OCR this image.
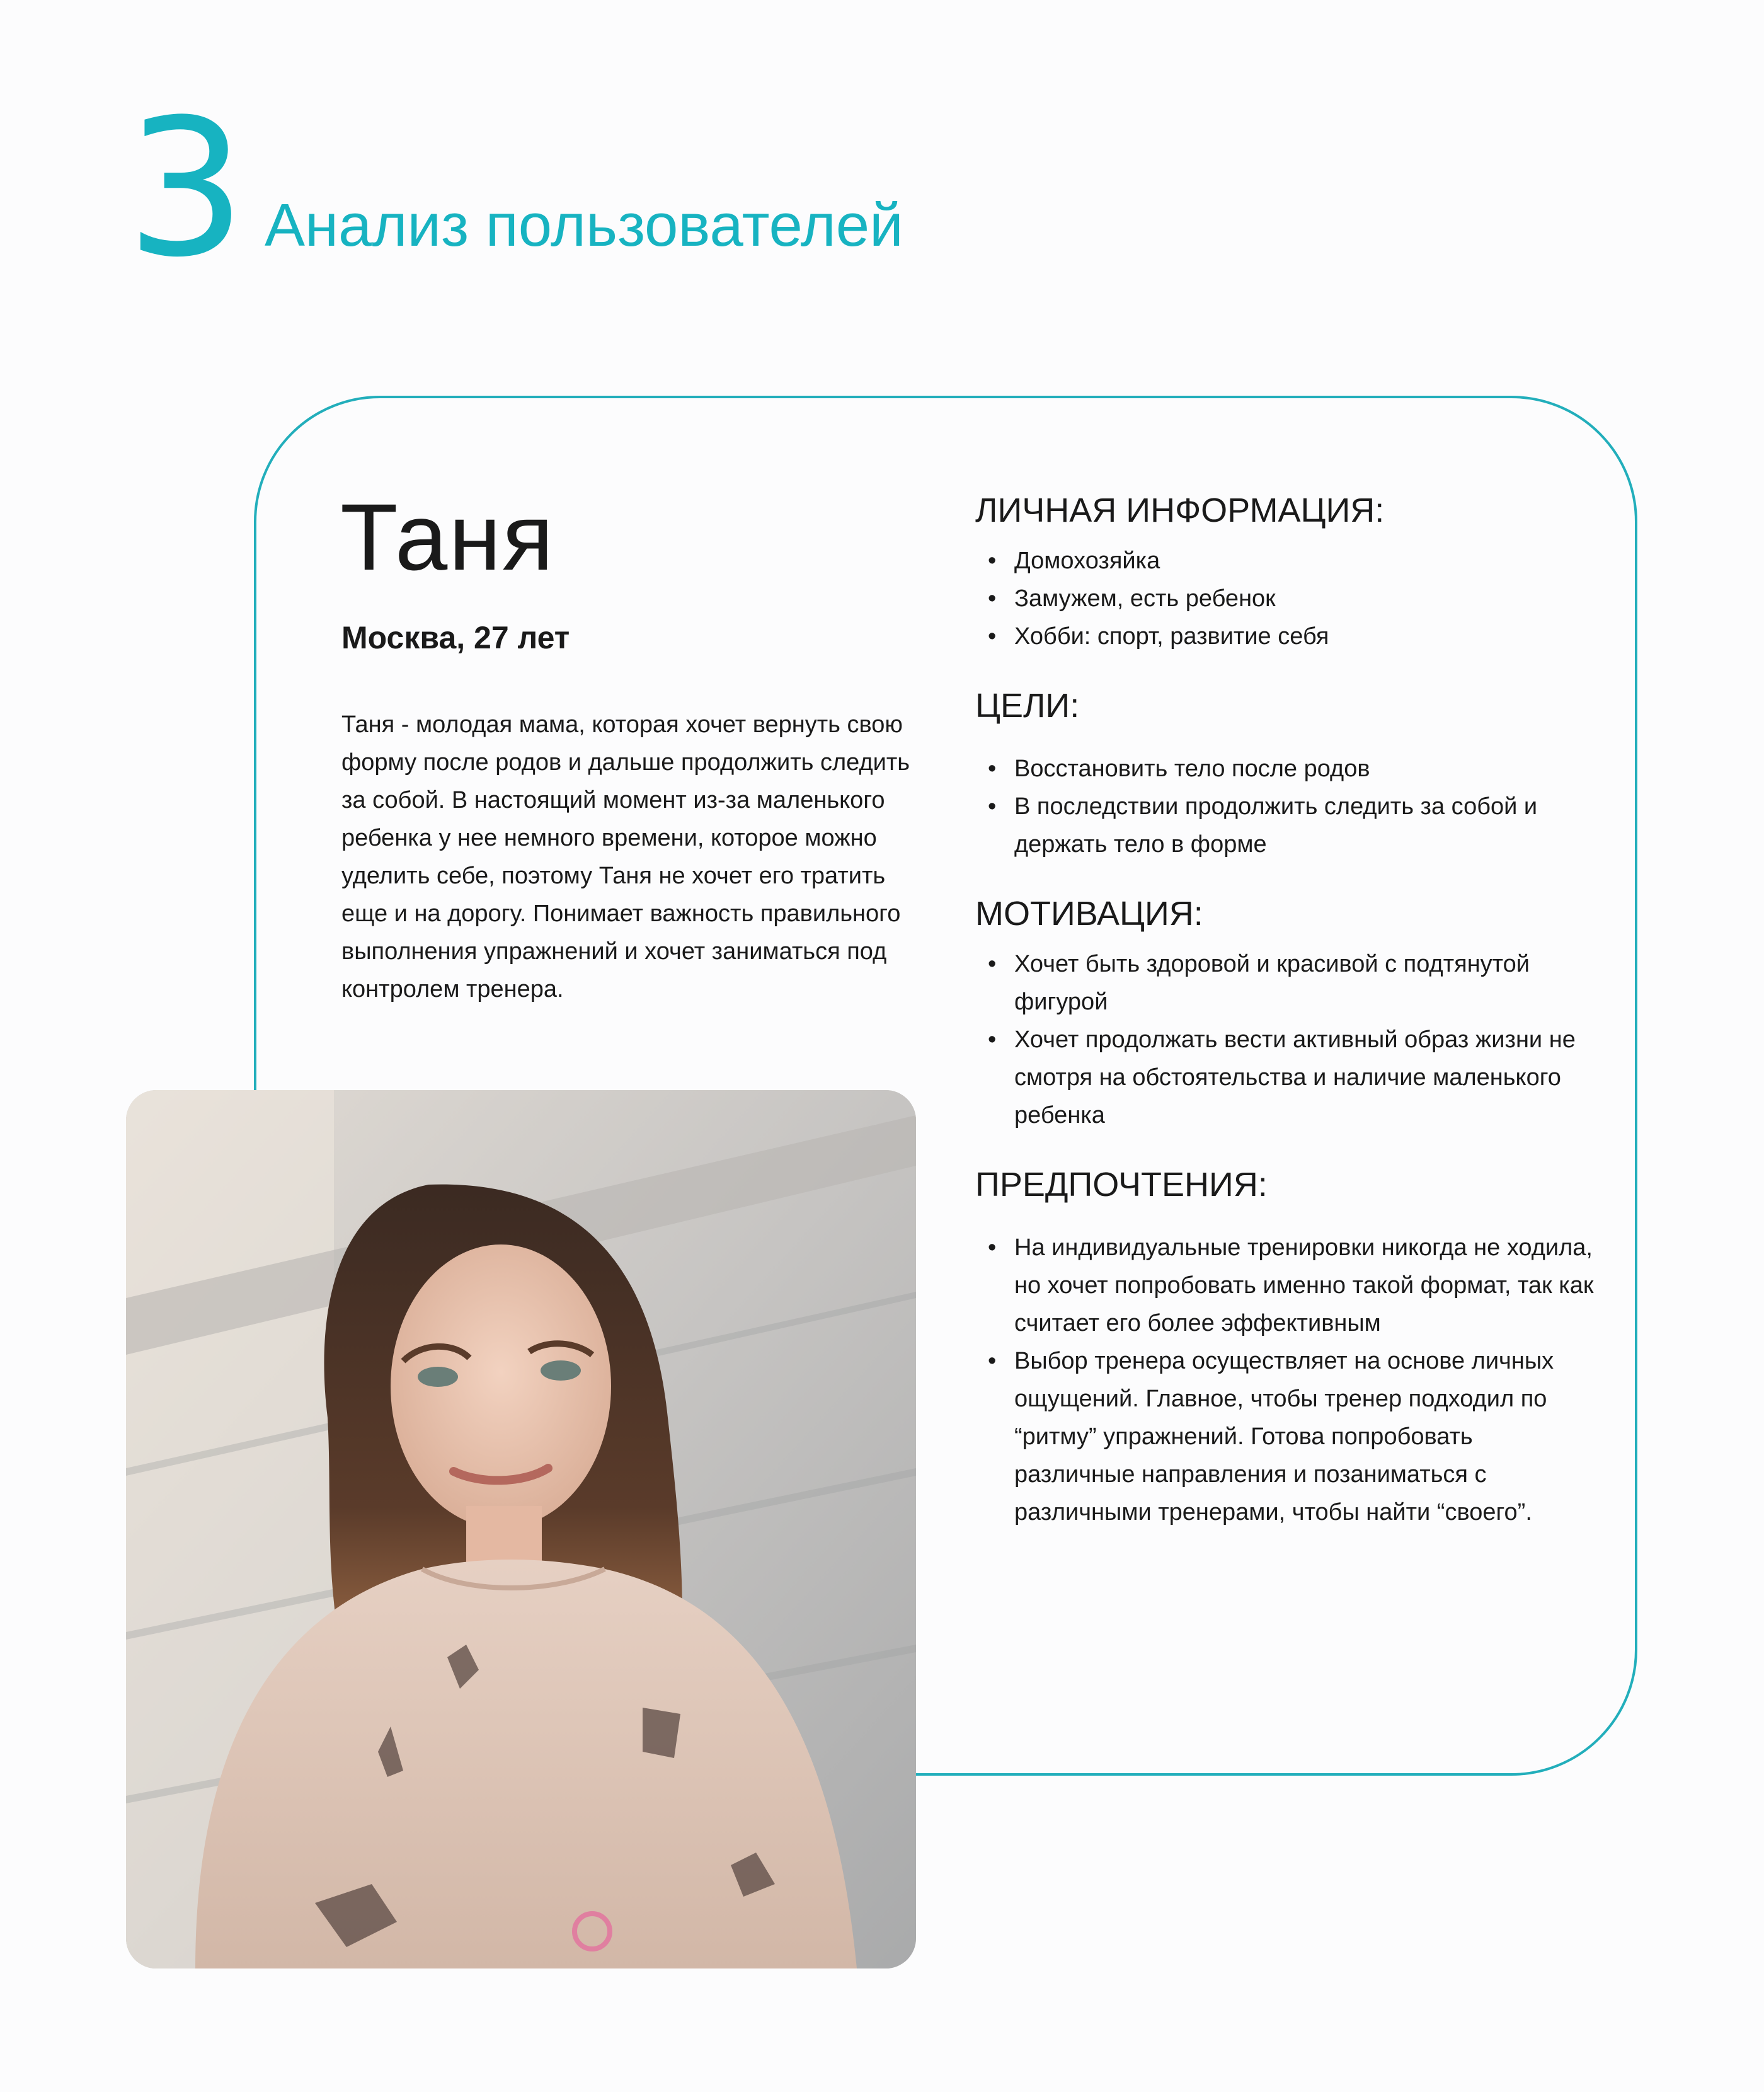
3 Анализ пользователей
Таня
Москва, 27 лет
Таня - молодая мама, которая хочет вернуть свою форму после родов и дальше продолжить следить за собой. В настоящий момент из-за маленького ребенка у нее немного времени, которое можно уделить себе, поэтому Таня не хочет его тратить еще и на дорогу. Понимает важность правильного выполнения упражнений и хочет заниматься под контролем тренера.
ЛИЧНАЯ ИНФОРМАЦИЯ:
• Домохозяйка
• Замужем, есть ребенок
• Хобби: спорт, развитие себя
ЦЕЛИ:
• Восстановить тело после родов
• В последствии продолжить следить за собой и держать тело в форме
МОТИВАЦИЯ:
• Хочет быть здоровой и красивой с подтянутой фигурой
• Хочет продолжать вести активный образ жизни не смотря на обстоятельства и наличие маленького ребенка
ПРЕДПОЧТЕНИЯ:
• На индивидуальные тренировки никогда не ходила, но хочет попробовать именно такой формат, так как считает его более эффективным
• Выбор тренера осуществляет на основе личных ощущений. Главное, чтобы тренер подходил по “ритму” упражнений. Готова попробовать различные направления и позаниматься с различными тренерами, чтобы найти “своего”.
